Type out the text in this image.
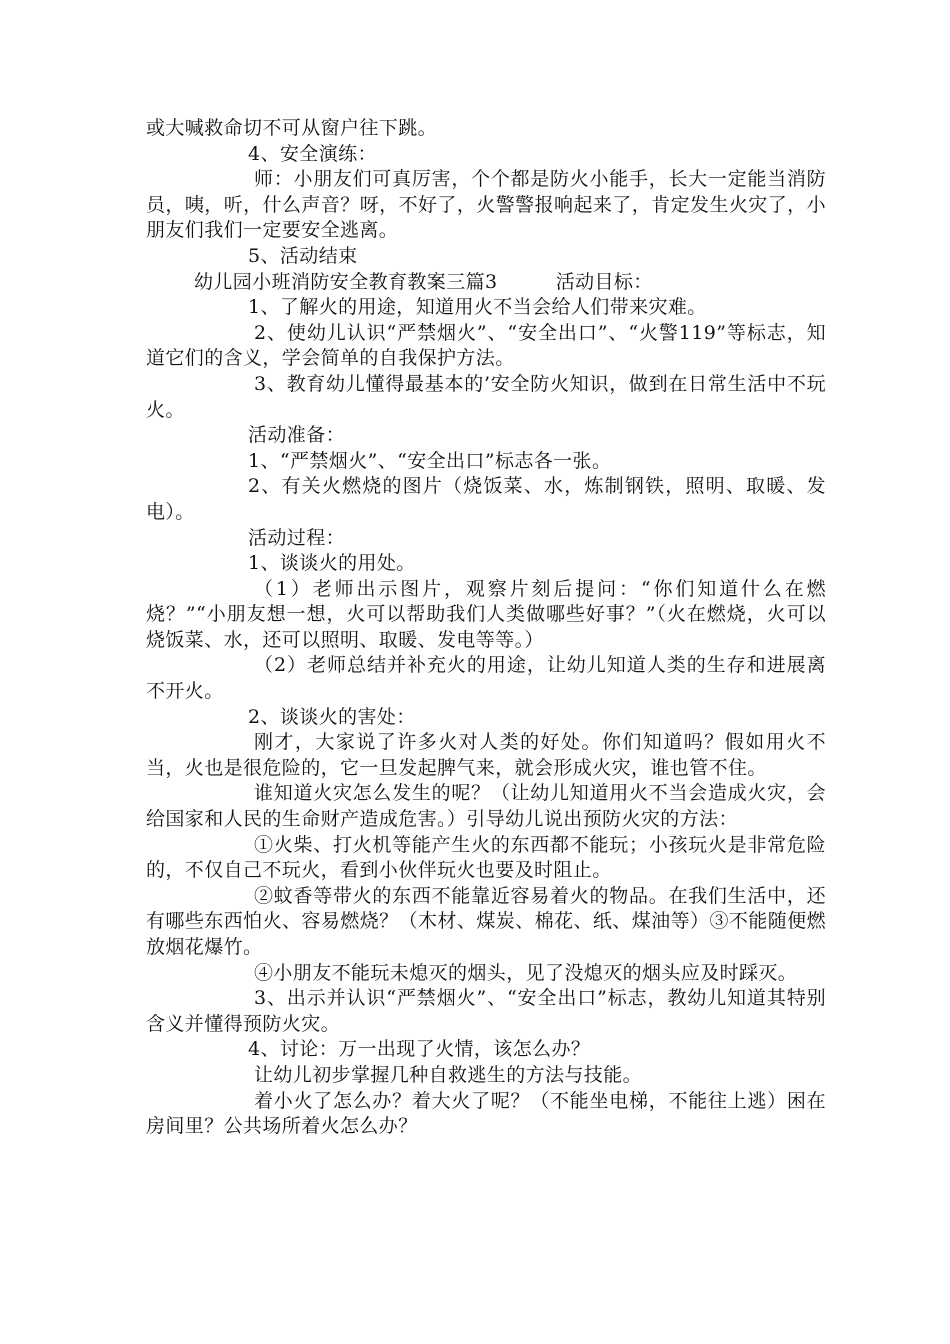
或大喊救命切不可从窗户往下跳。

4、安全演练：

师：小朋友们可真厉害，个个都是防火小能手，长大一定能当消防员，咦，听，什么声音？呀，不好了，火警警报响起来了，肯定发生火灾了，小朋友们我们一定要安全逃离。

5、活动结束

幼儿园小班消防安全教育教案三篇3　　　活动目标：

1、了解火的用途，知道用火不当会给人们带来灾难。

2、使幼儿认识“严禁烟火”、“安全出口”、“火警119”等标志，知道它们的含义，学会简单的自我保护方法。

3、教育幼儿懂得最基本的’安全防火知识，做到在日常生活中不玩火。

活动准备：

1、“严禁烟火”、“安全出口”标志各一张。

2、有关火燃烧的图片（烧饭菜、水，炼制钢铁，照明、取暖、发电）。

活动过程：

1、谈谈火的用处。

（1）老师出示图片，观察片刻后提问：“你们知道什么在燃烧？”“小朋友想一想，火可以帮助我们人类做哪些好事？”（火在燃烧，火可以烧饭菜、水，还可以照明、取暖、发电等等。）

（2）老师总结并补充火的用途，让幼儿知道人类的生存和进展离不开火。

2、谈谈火的害处：

刚才，大家说了许多火对人类的好处。你们知道吗？假如用火不当，火也是很危险的，它一旦发起脾气来，就会形成火灾，谁也管不住。

谁知道火灾怎么发生的呢？（让幼儿知道用火不当会造成火灾，会给国家和人民的生命财产造成危害。）引导幼儿说出预防火灾的方法：

①火柴、打火机等能产生火的东西都不能玩；小孩玩火是非常危险的，不仅自己不玩火，看到小伙伴玩火也要及时阻止。

②蚊香等带火的东西不能靠近容易着火的物品。在我们生活中，还有哪些东西怕火、容易燃烧？（木材、煤炭、棉花、纸、煤油等）③不能随便燃放烟花爆竹。

④小朋友不能玩未熄灭的烟头，见了没熄灭的烟头应及时踩灭。

3、出示并认识“严禁烟火”、“安全出口”标志，教幼儿知道其特别含义并懂得预防火灾。

4、讨论：万一出现了火情，该怎么办？

让幼儿初步掌握几种自救逃生的方法与技能。

着小火了怎么办？着大火了呢？（不能坐电梯，不能往上逃）困在房间里？公共场所着火怎么办？
